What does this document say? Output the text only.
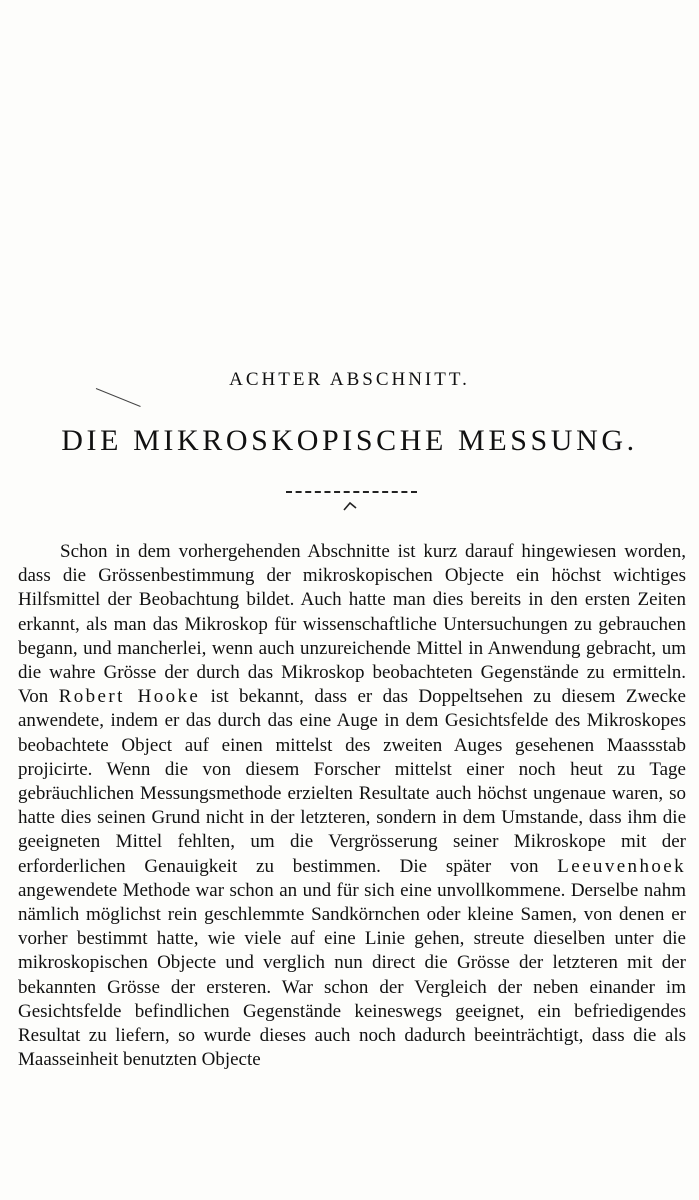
ACHTER ABSCHNITT.
DIE MIKROSKOPISCHE MESSUNG.

Schon in dem vorhergehenden Abschnitte ist kurz darauf hingewiesen worden, dass die Grössenbestimmung der mikroskopischen Objecte ein höchst wichtiges Hilfsmittel der Beobachtung bildet. Auch hatte man dies bereits in den ersten Zeiten erkannt, als man das Mikroskop für wissenschaftliche Untersuchungen zu gebrauchen begann, und mancherlei, wenn auch unzureichende Mittel in Anwendung gebracht, um die wahre Grösse der durch das Mikroskop beobachteten Gegenstände zu ermitteln. Von Robert Hooke ist bekannt, dass er das Doppeltsehen zu diesem Zwecke anwendete, indem er das durch das eine Auge in dem Gesichtsfelde des Mikroskopes beobachtete Object auf einen mittelst des zweiten Auges gesehenen Maassstab projicirte. Wenn die von diesem Forscher mittelst einer noch heut zu Tage gebräuchlichen Messungsmethode erzielten Resultate auch höchst ungenaue waren, so hatte dies seinen Grund nicht in der letzteren, sondern in dem Umstande, dass ihm die geeigneten Mittel fehlten, um die Vergrösserung seiner Mikroskope mit der erforderlichen Genauigkeit zu bestimmen. Die später von Leeuvenhoek angewendete Methode war schon an und für sich eine unvollkommene. Derselbe nahm nämlich möglichst rein geschlemmte Sandkörnchen oder kleine Samen, von denen er vorher bestimmt hatte, wie viele auf eine Linie gehen, streute dieselben unter die mikroskopischen Objecte und verglich nun direct die Grösse der letzteren mit der bekannten Grösse der ersteren. War schon der Vergleich der neben einander im Gesichtsfelde befindlichen Gegenstände keineswegs geeignet, ein befriedigendes Resultat zu liefern, so wurde dieses auch noch dadurch beeinträchtigt, dass die als Maasseinheit benutzten Objecte
